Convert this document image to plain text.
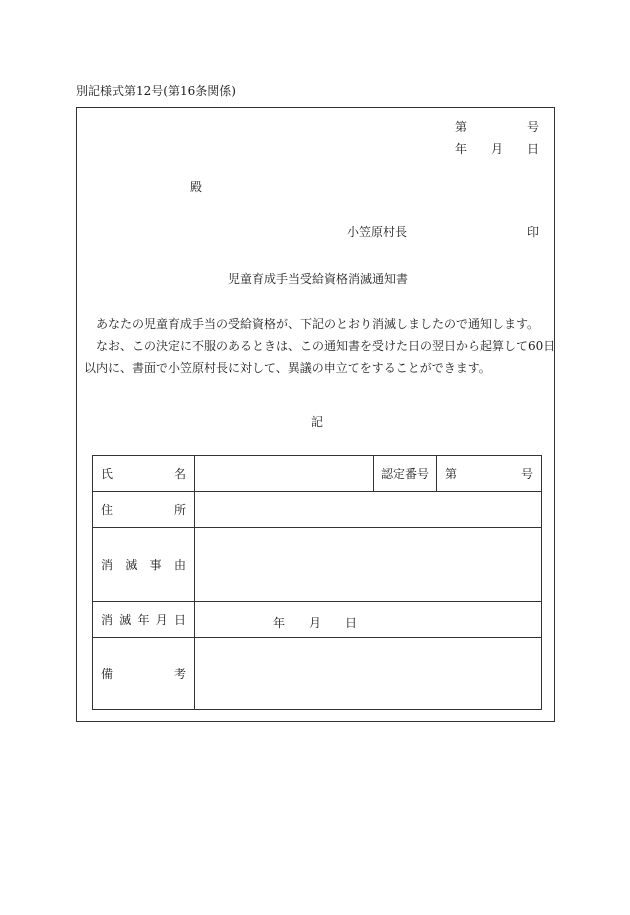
別記様式第12号(第16条関係)
第	号
年 月 日
殿
小笠原村長	印
児童育成手当受給資格消滅通知書
あなたの児童育成手当の受給資格が、下記のとおり消滅しましたので通知します。
なお、この決定に不服のあるときは、この通知書を受けた日の翌日から起算して60日
以内に、書面で小笠原村長に対して、異議の申立てをすることができます。
記
氏 名		認定番号	第 号

住 所			

消 滅 事 由			

消 滅 年 月 日	年 月 日		

備 考			
